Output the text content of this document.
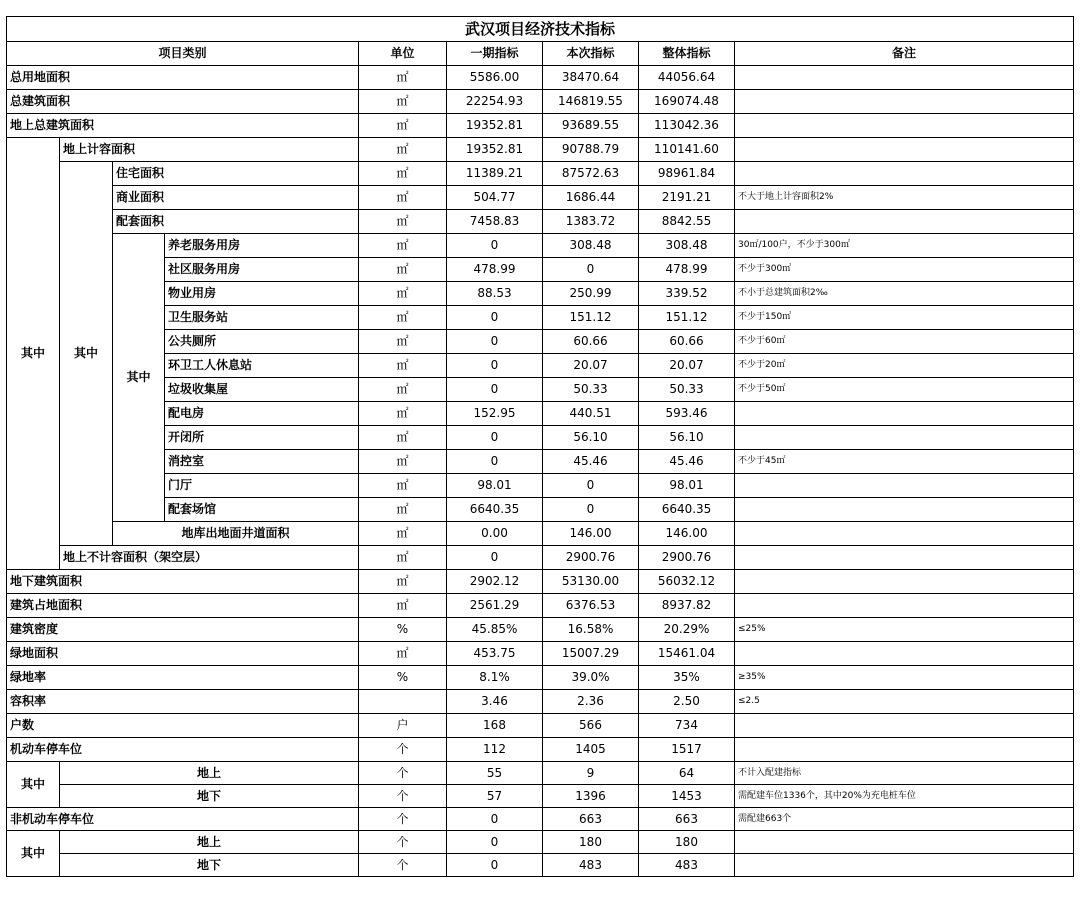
武汉项目经济技术指标								
项目类别				单位	一期指标	本次指标	整体指标	备注
总用地面积				㎡	5586.00	38470.64	44056.64	
总建筑面积				㎡	22254.93	146819.55	169074.48	
地上总建筑面积				㎡	19352.81	93689.55	113042.36	
其中	地上计容面积			㎡	19352.81	90788.79	110141.60	
	其中	住宅面积		㎡	11389.21	87572.63	98961.84	
		商业面积		㎡	504.77	1686.44	2191.21	不大于地上计容面积2%
		配套面积		㎡	7458.83	1383.72	8842.55	
		其中	养老服务用房	㎡	0	308.48	308.48	30㎡/100户，不少于300㎡
			社区服务用房	㎡	478.99	0	478.99	不少于300㎡
			物业用房	㎡	88.53	250.99	339.52	不小于总建筑面积2‰
			卫生服务站	㎡	0	151.12	151.12	不少于150㎡
			公共厕所	㎡	0	60.66	60.66	不少于60㎡
			环卫工人休息站	㎡	0	20.07	20.07	不少于20㎡
			垃圾收集屋	㎡	0	50.33	50.33	不少于50㎡
			配电房	㎡	152.95	440.51	593.46	
			开闭所	㎡	0	56.10	56.10	
			消控室	㎡	0	45.46	45.46	不少于45㎡
			门厅	㎡	98.01	0	98.01	
			配套场馆	㎡	6640.35	0	6640.35	
		地库出地面井道面积		㎡	0.00	146.00	146.00	
	地上不计容面积（架空层）			㎡	0	2900.76	2900.76	
地下建筑面积				㎡	2902.12	53130.00	56032.12	
建筑占地面积				㎡	2561.29	6376.53	8937.82	
建筑密度				%	45.85%	16.58%	20.29%	≤25%
绿地面积				㎡	453.75	15007.29	15461.04	
绿地率				%	8.1%	39.0%	35%	≥35%
容积率					3.46	2.36	2.50	≤2.5
户数				户	168	566	734	
机动车停车位				个	112	1405	1517	
其中	地上			个	55	9	64	不计入配建指标
	地下			个	57	1396	1453	需配建车位1336个，其中20%为充电桩车位
非机动车停车位				个	0	663	663	需配建663个
其中	地上			个	0	180	180	
	地下			个	0	483	483	
